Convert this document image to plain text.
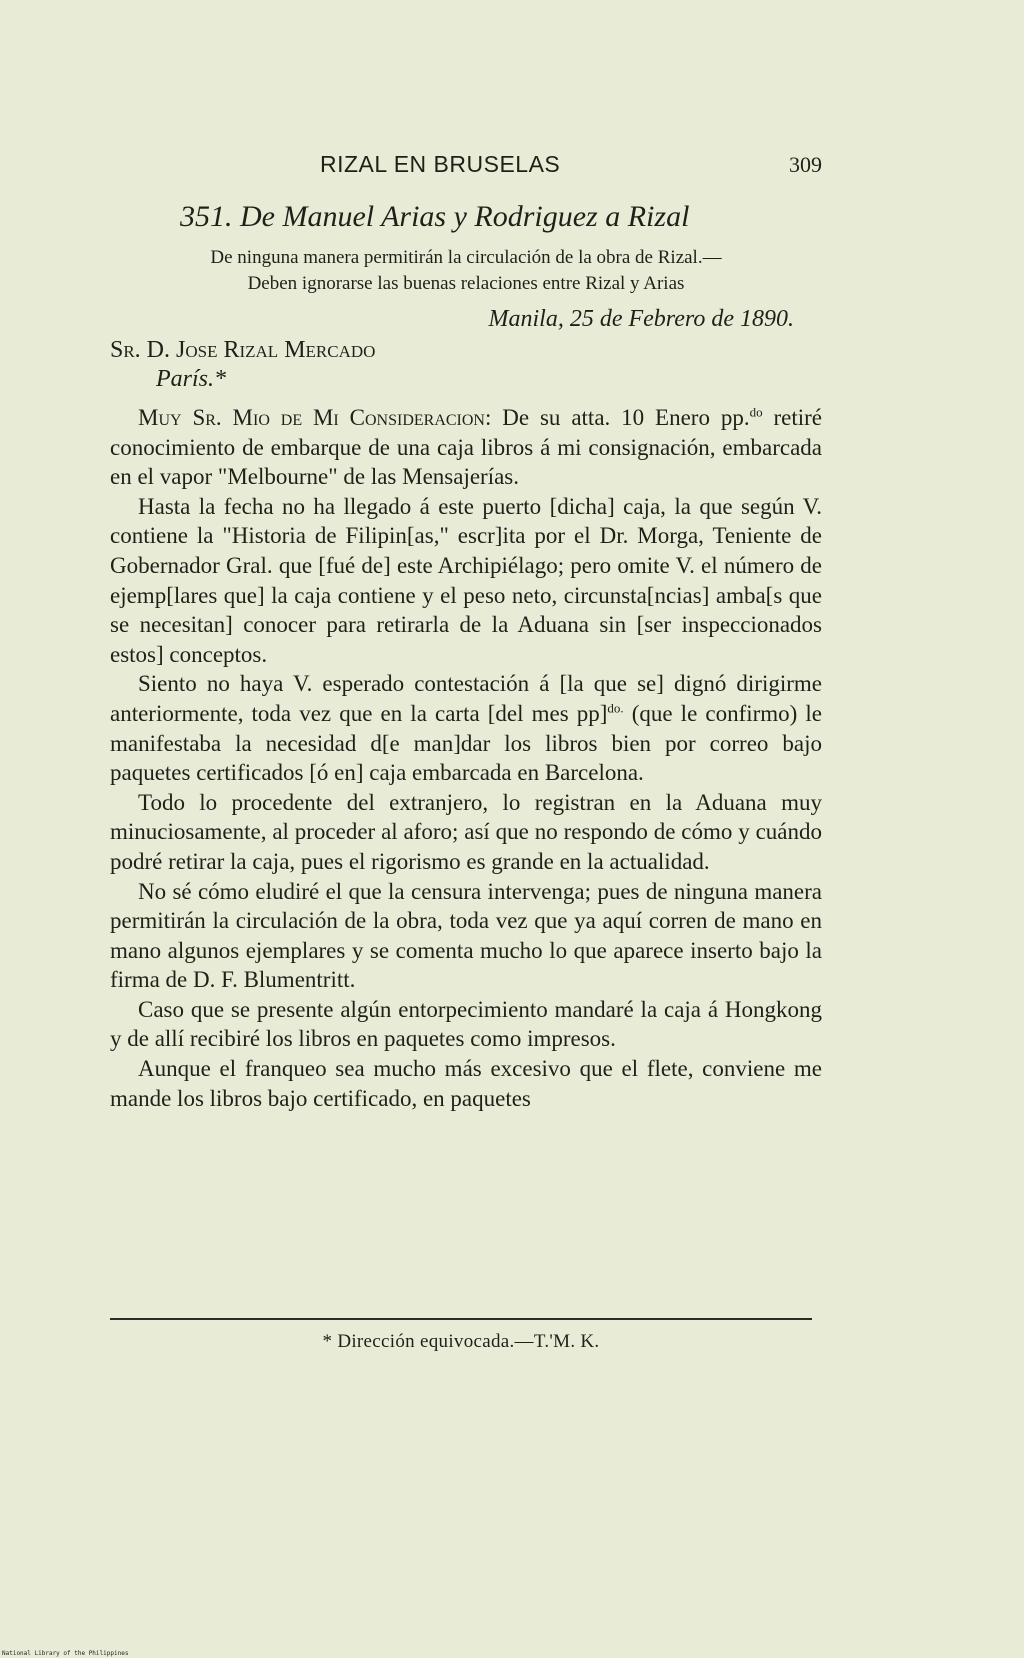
RIZAL EN BRUSELAS	309
351. De Manuel Arias y Rodriguez a Rizal
De ninguna manera permitirán la circulación de la obra de Rizal.—
Deben ignorarse las buenas relaciones entre Rizal y Arias
Manila, 25 de Febrero de 1890.
Sr. D. Jose Rizal Mercado
París.*

Muy Sr. Mio de Mi Consideracion: De su atta. 10 Enero pp.$^{do}$ retiré conocimiento de embarque de una caja libros á mi consignación, embarcada en el vapor "Melbourne" de las Mensajerías.

Hasta la fecha no ha llegado á este puerto [dicha] caja, la que según V. contiene la "Historia de Filipin[as," escr]ita por el Dr. Morga, Teniente de Gobernador Gral. que [fué de] este Archipiélago; pero omite V. el número de ejemp[lares que] la caja contiene y el peso neto, circunsta[ncias] amba[s que se necesitan] conocer para retirarla de la Aduana sin [ser inspeccionados estos] conceptos.

Siento no haya V. esperado contestación á [la que se] dignó dirigirme anteriormente, toda vez que en la carta [del mes pp]$^{do.}$ (que le confirmo) le manifestaba la necesidad d[e man]dar los libros bien por correo bajo paquetes certificados [ó en] caja embarcada en Barcelona.

Todo lo procedente del extranjero, lo registran en la Aduana muy minuciosamente, al proceder al aforo; así que no respondo de cómo y cuándo podré retirar la caja, pues el rigorismo es grande en la actualidad.

No sé cómo eludiré el que la censura intervenga; pues de ninguna manera permitirán la circulación de la obra, toda vez que ya aquí corren de mano en mano algunos ejemplares y se comenta mucho lo que aparece inserto bajo la firma de D. F. Blumentritt.

Caso que se presente algún entorpecimiento mandaré la caja á Hongkong y de allí recibiré los libros en paquetes como impresos.

Aunque el franqueo sea mucho más excesivo que el flete, conviene me mande los libros bajo certificado, en paquetes

* Dirección equivocada.—T.'M. K.
National Library of the Philippines
